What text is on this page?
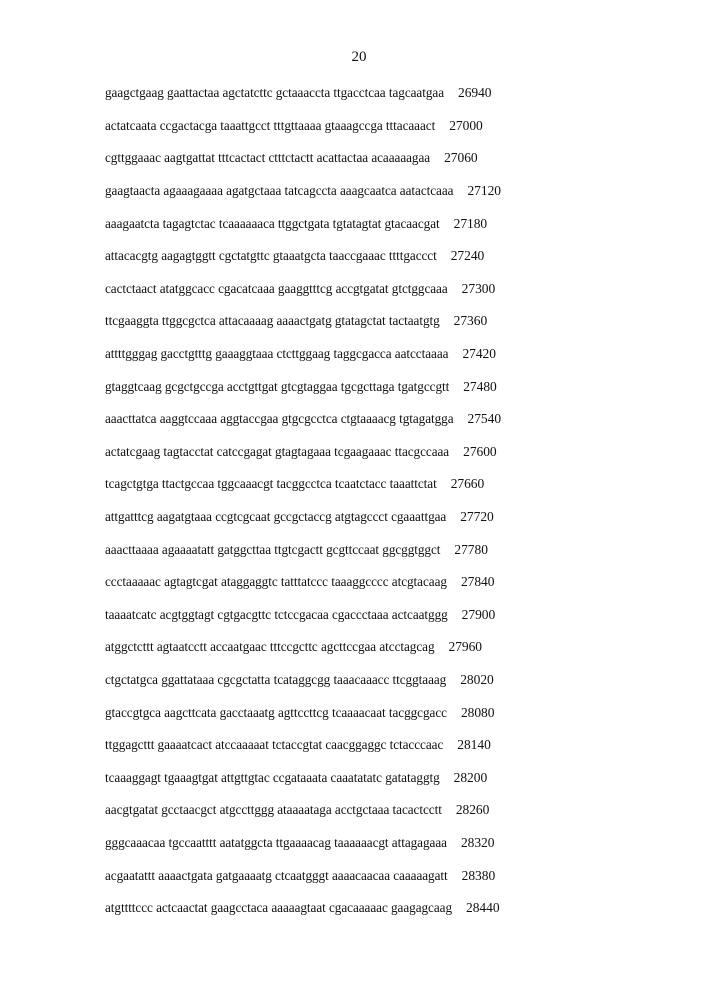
20
gaagctgaag gaattactaa agctatcttc gctaaaccta ttgacctcaa tagcaatgaa 26940
actatcaata ccgactacga taaattgcct tttgttaaaa gtaaagccga tttacaaact 27000
cgttggaaac aagtgattat tttcactact ctttctactt acattactaa acaaaaagaa 27060
gaagtaacta agaaagaaaa agatgctaaa tatcagccta aaagcaatca aatactcaaa 27120
aaagaatcta tagagtctac tcaaaaaaca ttggctgata tgtatagtat gtacaacgat 27180
attacacgtg aagagtggtt cgctatgttc gtaaatgcta taaccgaaac ttttgaccct 27240
cactctaact atatggcacc cgacatcaaa gaaggtttcg accgtgatat gtctggcaaa 27300
ttcgaaggta ttggcgctca attacaaaag aaaactgatg gtatagctat tactaatgtg 27360
attttgggag gacctgtttg gaaaggtaaa ctcttggaag taggcgacca aatcctaaaa 27420
gtaggtcaag gcgctgccga acctgttgat gtcgtaggaa tgcgcttaga tgatgccgtt 27480
aaacttatca aaggtccaaa aggtaccgaa gtgcgcctca ctgtaaaacg tgtagatgga 27540
actatcgaag tagtacctat catccgagat gtagtagaaa tcgaagaaac ttacgccaaa 27600
tcagctgtga ttactgccaa tggcaaacgt tacggcctca tcaatctacc taaattctat 27660
attgatttcg aagatgtaaa ccgtcgcaat gccgctaccg atgtagccct cgaaattgaa 27720
aaacttaaaa agaaaatatt gatggcttaa ttgtcgactt gcgttccaat ggcggtggct 27780
ccctaaaaac agtagtcgat ataggaggtc tatttatccc taaaggcccc atcgtacaag 27840
taaaatcatc acgtggtagt cgtgacgttc tctccgacaa cgaccctaaa actcaatggg 27900
atggctcttt agtaatcctt accaatgaac tttccgcttc agcttccgaa atcctagcag 27960
ctgctatgca ggattataaa cgcgctatta tcataggcgg taaacaaacc ttcggtaaag 28020
gtaccgtgca aagcttcata gacctaaatg agttccttcg tcaaaacaat tacggcgacc 28080
ttggagcttt gaaaatcact atccaaaaat tctaccgtat caacggaggc tctacccaac 28140
tcaaaggagt tgaaagtgat attgttgtac ccgataaata caaatatatc gatataggtg 28200
aacgtgatat gcctaacgct atgccttggg ataaaataga acctgctaaa tacactcctt 28260
gggcaaacaa tgccaatttt aatatggcta ttgaaaacag taaaaaacgt attagagaaa 28320
acgaatattt aaaactgata gatgaaaatg ctcaatgggt aaaacaacaa caaaaagatt 28380
atgttttccc actcaactat gaagcctaca aaaaagtaat cgacaaaaac gaagagcaag 28440
